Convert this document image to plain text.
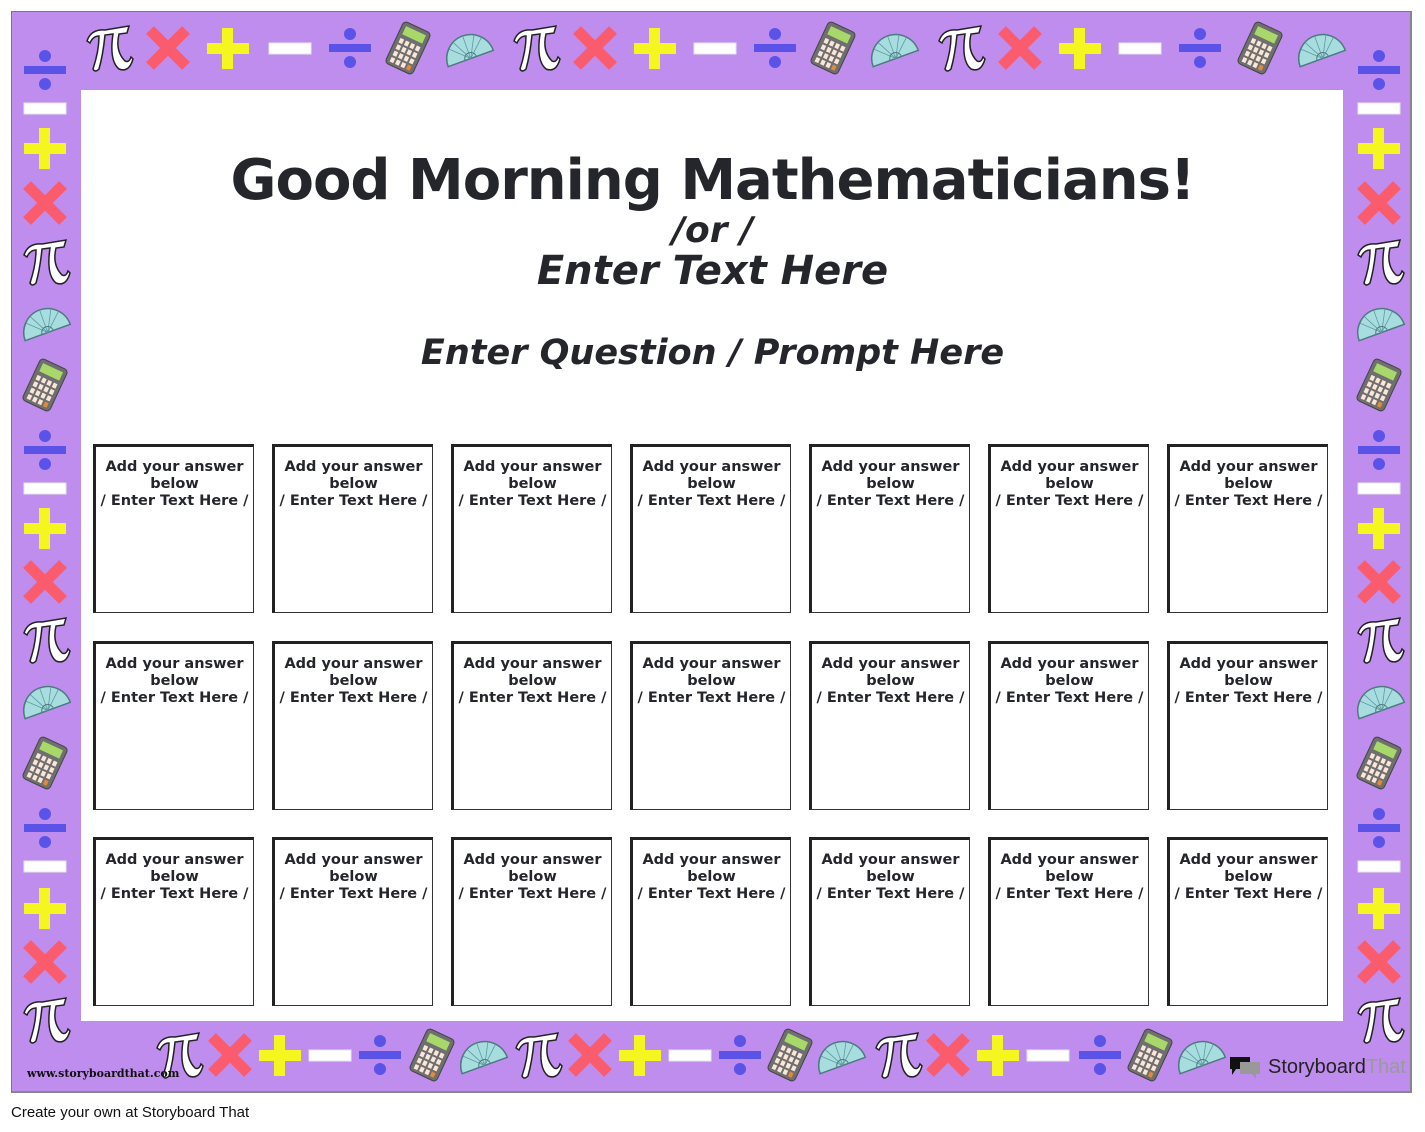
Good Morning Mathematicians!
/or /
Enter Text Here
Enter Question / Prompt Here
Add your answer
below
/ Enter Text Here /
Add your answer
below
/ Enter Text Here /
Add your answer
below
/ Enter Text Here /
Add your answer
below
/ Enter Text Here /
Add your answer
below
/ Enter Text Here /
Add your answer
below
/ Enter Text Here /
Add your answer
below
/ Enter Text Here /
Add your answer
below
/ Enter Text Here /
Add your answer
below
/ Enter Text Here /
Add your answer
below
/ Enter Text Here /
Add your answer
below
/ Enter Text Here /
Add your answer
below
/ Enter Text Here /
Add your answer
below
/ Enter Text Here /
Add your answer
below
/ Enter Text Here /
Add your answer
below
/ Enter Text Here /
Add your answer
below
/ Enter Text Here /
Add your answer
below
/ Enter Text Here /
Add your answer
below
/ Enter Text Here /
Add your answer
below
/ Enter Text Here /
Add your answer
below
/ Enter Text Here /
Add your answer
below
/ Enter Text Here /
www.storyboardthat.com	Storyboard That
Create your own at Storyboard That
